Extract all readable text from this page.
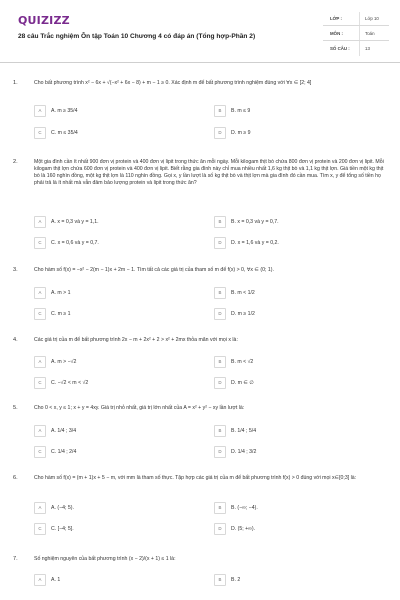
QUIZIZZ
28 câu Trắc nghiệm Ôn tập Toán 10 Chương 4 có đáp án (Tổng hợp-Phần 2)
LỚP :	Lớp 10
MÔN :	Toán
SỐ CÂU :	13
1.	Cho bất phương trình x² − 6x + √(−x² + 6x − 8) + m − 1 ≥ 0. Xác định m để bất phương trình nghiệm đúng với ∀x ∈ [2; 4]
A	A. m ≥ 35/4	B	B. m ≤ 9
C	C. m ≤ 35/4	D	D. m ≥ 9
2.	Một gia đình cần ít nhất 900 đơn vị protein và 400 đơn vị lipit trong thức ăn mỗi ngày. Mỗi kilogam thịt bò chứa 800 đơn vị protein và 200 đơn vị lipit. Mỗi kilogam thịt lợn chứa 600 đơn vị protein và 400 đơn vị lipit. Biết rằng gia đình này chỉ mua nhiều nhất 1,6 kg thịt bò và 1,1 kg thịt lợn. Giá tiền một kg thịt bò là 160 nghìn đồng, một kg thịt lợn là 110 nghìn đồng. Gọi x, y lần lượt là số kg thịt bò và thịt lợn mà gia đình đó cần mua. Tìm x, y để tổng số tiền họ phải trả là ít nhất mà vẫn đảm bảo lượng protein và lipit trong thức ăn?
A	A. x = 0,3 và y = 1,1.	B	B. x = 0,3 và y = 0,7.
C	C. x = 0,6 và y = 0,7.	D	D. x = 1,6 và y = 0,2.
3.	Cho hàm số f(x) = −x² − 2(m − 1)x + 2m − 1. Tìm tất cả các giá trị của tham số m để f(x) > 0, ∀x ∈ (0; 1).
A	A. m > 1	B	B. m < 1/2
C	C. m ≥ 1	D	D. m ≥ 1/2
4.	Các giá trị của m để bất phương trình 2x − m + 2x² + 2 > x² + 2mx thỏa mãn với mọi x là:
A	A. m > −√2	B	B. m < √2
C	C. −√2 < m < √2	D	D. m ∈ ∅
5.	Cho 0 < x, y ≤ 1; x + y = 4xy. Giá trị nhỏ nhất, giá trị lớn nhất của A = x² + y² − xy lần lượt là:
A	A. 1/4 ; 3/4	B	B. 1/4 ; 5/4
C	C. 1/4 ; 2/4	D	D. 1/4 ; 3/2
6.	Cho hàm số f(x) = (m + 1)x + 5 − m, với mm là tham số thực. Tập hợp các giá trị của m để bất phương trình f(x) > 0 đúng với mọi x∈[0;3] là:
A	A. (−4; 5).	B	B. (−∞; −4).
C	C. [−4; 5].	D	D. (5; +∞).
7.	Số nghiệm nguyên của bất phương trình (x − 2)/(x + 1) ≤ 1 là:
A	A. 1	B	B. 2
